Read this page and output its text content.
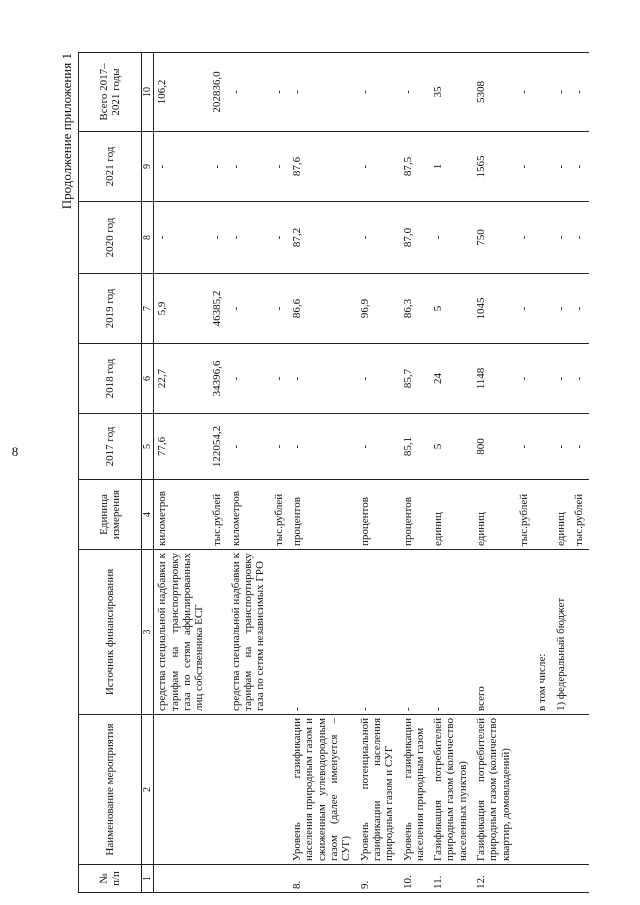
8
Продолжение приложения 1
№ п/п	Наименование мероприятия	Источник финансирования	Единица измерения	2017 год	2018 год	2019 год	2020 год	2021 год	Всего 2017–2021 годы
1	2	3	4	5	6	7	8	9	10
		средства специальной надбавки к тарифам на транспортировку газа по сетям аффилированных лиц собственника ЕСГ	километров	77,6	22,7	5,9	-	-	106,2
			тыс.рублей	122054,2	34396,6	46385,2	-	-	202836,0
		средства специальной надбавки к тарифам на транспортировку газа по сетям независимых ГРО	километров	-	-	-	-	-	-
			тыс.рублей	-	-	-	-	-	-
8.	Уровень газификации населения природным газом и сжиженным углеводородным газом (далее именуется – СУГ)	-	процентов	-	-	86,6	87,2	87,6	-
9.	Уровень потенциальной газификации населения природным газом и СУГ	-	процентов	-	-	96,9	-	-	-
10.	Уровень газификации населения природным газом	-	процентов	85,1	85,7	86,3	87,0	87,5	-
11.	Газификация потребителей природным газом (количество населенных пунктов)	-	единиц	5	24	5	-	1	35
12.	Газификация потребителей природным газом (количество квартир, домовладений)	всего	единиц	800	1148	1045	750	1565	5308
			тыс.рублей	-	-	-	-	-	-
		в том числе:							
		1) федеральный бюджет	единиц	-	-	-	-	-	-
			тыс.рублей	-	-	-	-	-	-
